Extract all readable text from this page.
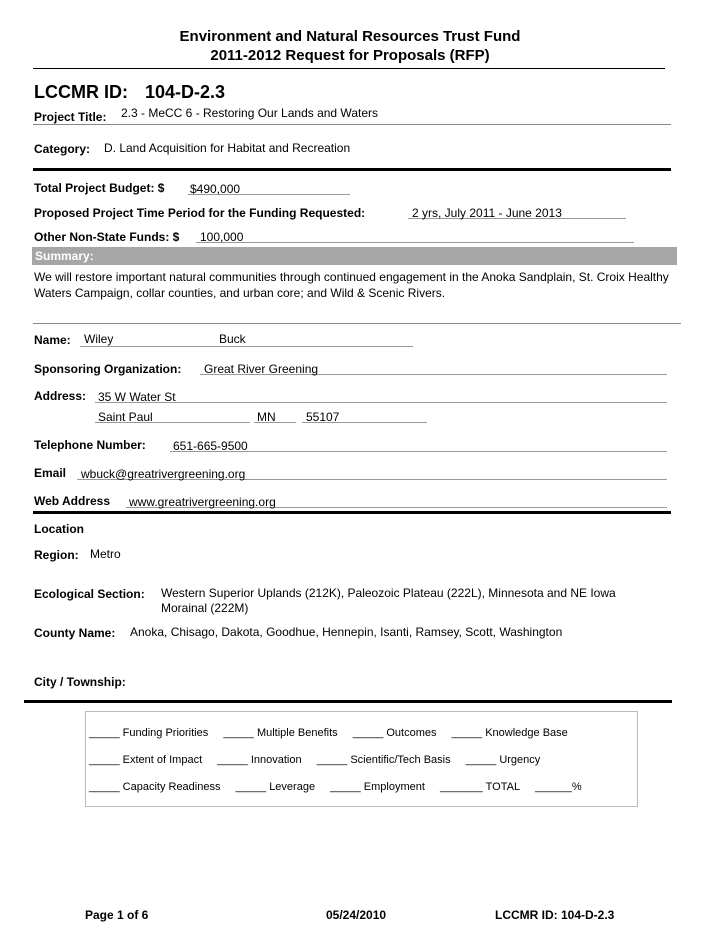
Environment and Natural Resources Trust Fund
2011-2012 Request for Proposals (RFP)
LCCMR ID: 104-D-2.3
Project Title: 2.3 - MeCC 6 - Restoring Our Lands and Waters
Category: D. Land Acquisition for Habitat and Recreation
Total Project Budget: $ $490,000
Proposed Project Time Period for the Funding Requested:	2 yrs, July 2011 - June 2013
Other Non-State Funds: $	100,000
Summary:
We will restore important natural communities through continued engagement in the Anoka Sandplain, St. Croix Healthy Waters Campaign, collar counties, and urban core; and Wild & Scenic Rivers.
Name: Wiley	Buck
Sponsoring Organization:	Great River Greening
Address: 35 W Water St
Saint Paul	MN	55107
Telephone Number: 651-665-9500
Email	wbuck@greatrivergreening.org
Web Address www.greatrivergreening.org
Location
Region: Metro
Ecological Section: Western Superior Uplands (212K), Paleozoic Plateau (222L), Minnesota and NE Iowa
Morainal (222M)
County Name: Anoka, Chisago, Dakota, Goodhue, Hennepin, Isanti, Ramsey, Scott, Washington
City / Township:
_____ Funding Priorities _____ Multiple Benefits _____ Outcomes _____ Knowledge Base
_____ Extent of Impact _____ Innovation _____ Scientific/Tech Basis _____ Urgency
_____ Capacity Readiness _____ Leverage _____ Employment _______ TOTAL ______%
Page 1 of 6	05/24/2010	LCCMR ID: 104-D-2.3
